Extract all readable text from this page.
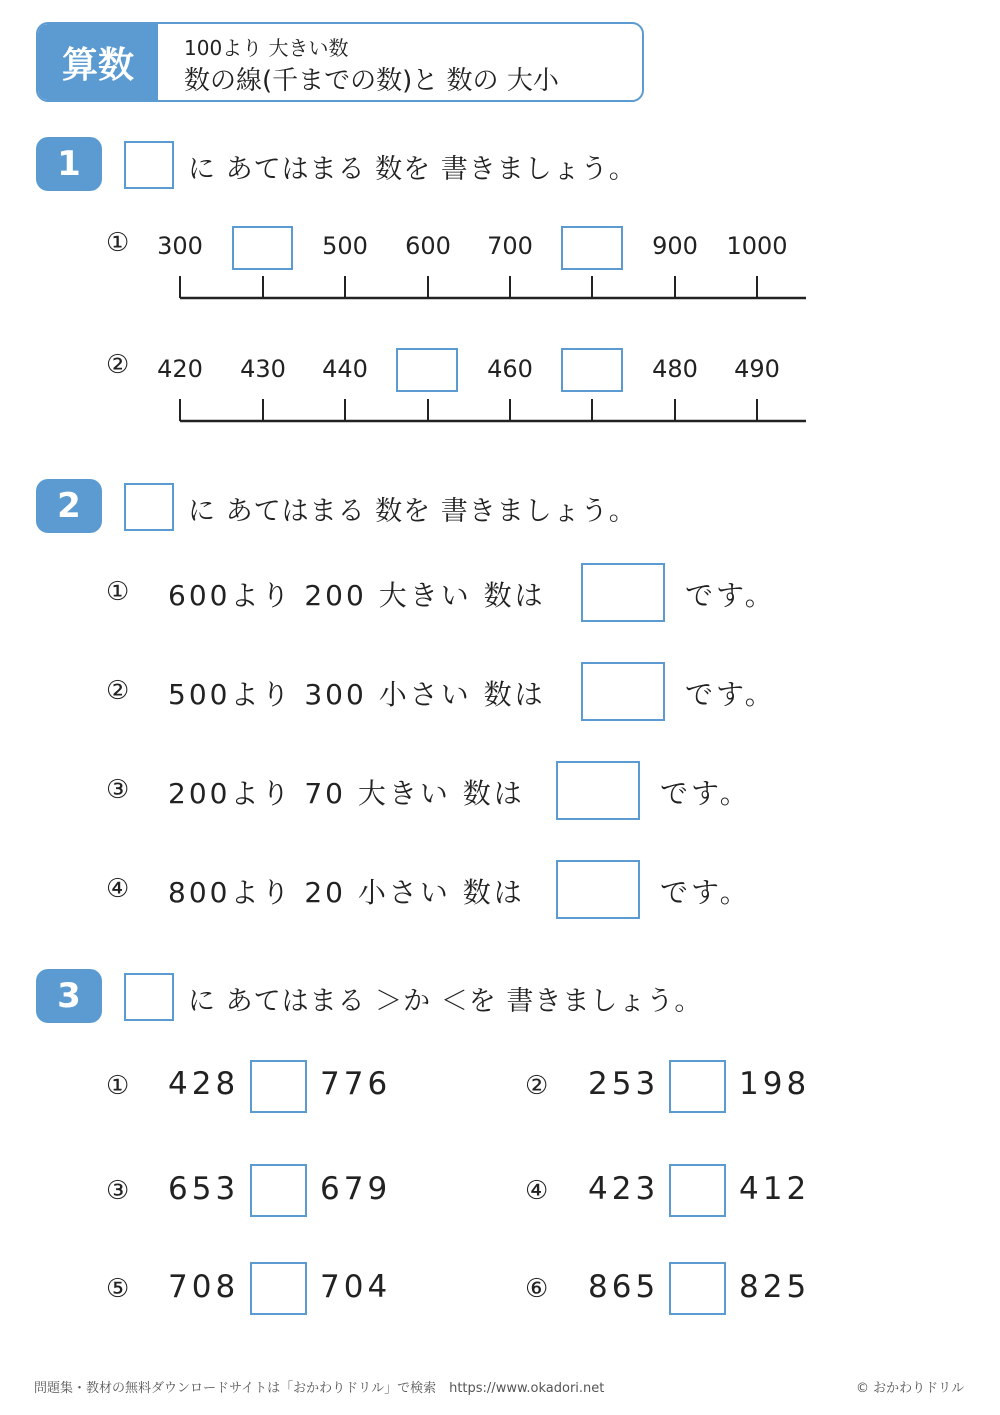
算数	100より 大きい数
数の線(千までの数)と 数の 大小
1	に あてはまる 数を 書きましょう。
①
②
300	500	600	700	900	1000
420	430	440	460	480	490
2	に あてはまる 数を 書きましょう。
① 600より 200 大きい 数は	です。
② 500より 300 小さい 数は	です。
③ 200より 70 大きい 数は	です。
④ 800より 20 小さい 数は	です。
3	に あてはまる ＞か ＜を 書きましょう。
① 428	776	② 253	198
③ 653	679	④ 423	412
⑤ 708	704	⑥ 865	825
問題集・教材の無料ダウンロードサイトは「おかわりドリル」で検索　https://www.okadori.net	© おかわりドリル
